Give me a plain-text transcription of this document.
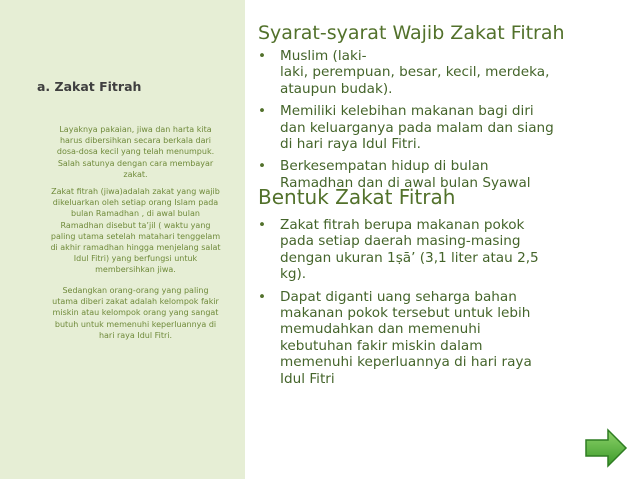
a. Zakat Fitrah

Layaknya pakaian, jiwa dan harta kita
harus dibersihkan secara berkala dari
dosa-dosa kecil yang telah menumpuk.
Salah satunya dengan cara membayar
zakat.

Zakat fitrah (jiwa)adalah zakat yang wajib
dikeluarkan oleh setiap orang Islam pada
bulan Ramadhan , di awal bulan
Ramadhan disebut ta’jil ( waktu yang
paling utama setelah matahari tenggelam
di akhir ramadhan hingga menjelang salat
Idul Fitri) yang berfungsi untuk
membersihkan jiwa.

Sedangkan orang-orang yang paling
utama diberi zakat adalah kelompok fakir
miskin atau kelompok orang yang sangat
butuh untuk memenuhi keperluannya di
hari raya Idul Fitri.

Syarat-syarat Wajib Zakat Fitrah
• Muslim (laki-
laki, perempuan, besar, kecil, merdeka,
ataupun budak).
• Memiliki kelebihan makanan bagi diri
dan keluarganya pada malam dan siang
di hari raya Idul Fitri.
• Berkesempatan hidup di bulan
Ramadhan dan di awal bulan Syawal
Bentuk Zakat Fitrah
• Zakat fitrah berupa makanan pokok
pada setiap daerah masing-masing
dengan ukuran 1ṣā’ (3,1 liter atau 2,5
kg).
• Dapat diganti uang seharga bahan
makanan pokok tersebut untuk lebih
memudahkan dan memenuhi
kebutuhan fakir miskin dalam
memenuhi keperluannya di hari raya
Idul Fitri
